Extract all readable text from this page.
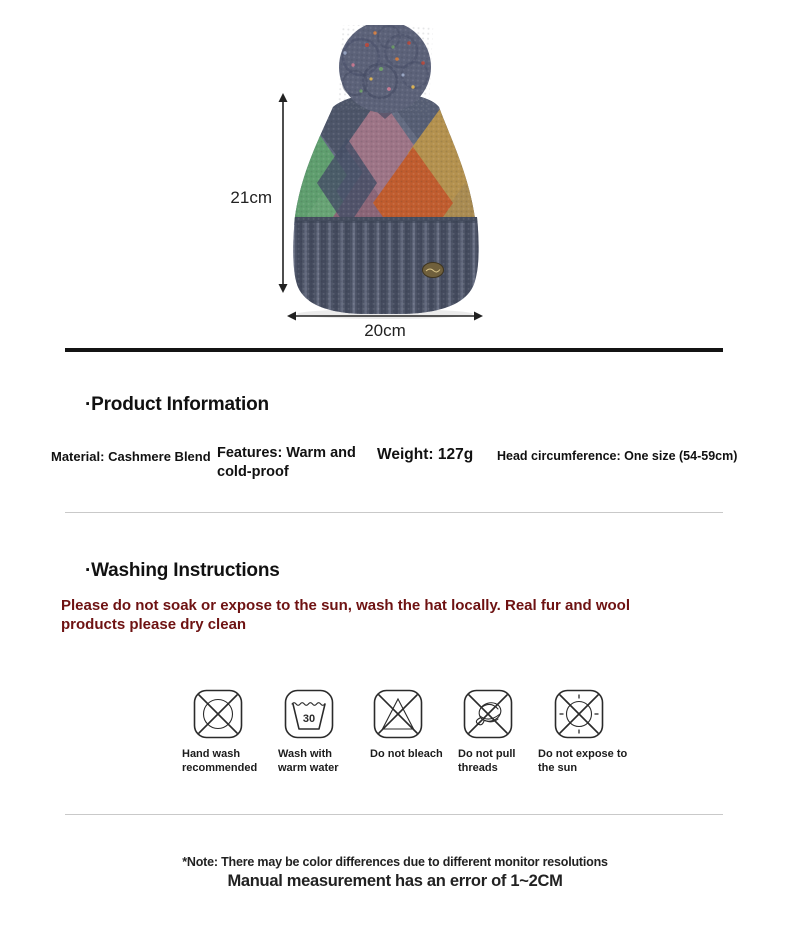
21cm
20cm
·Product Information
Material: Cashmere Blend Features: Warm and cold-proof
Weight: 127g Head circumference: One size (54-59cm)
·Washing Instructions

Please do not soak or expose to the sun, wash the hat locally. Real fur and wool products please dry clean

Hand wash recommended
30
Wash with warm water
Do not bleach	Do not pull threads
Do not expose to the sun
*Note: There may be color differences due to different monitor resolutions
Manual measurement has an error of 1~2CM
